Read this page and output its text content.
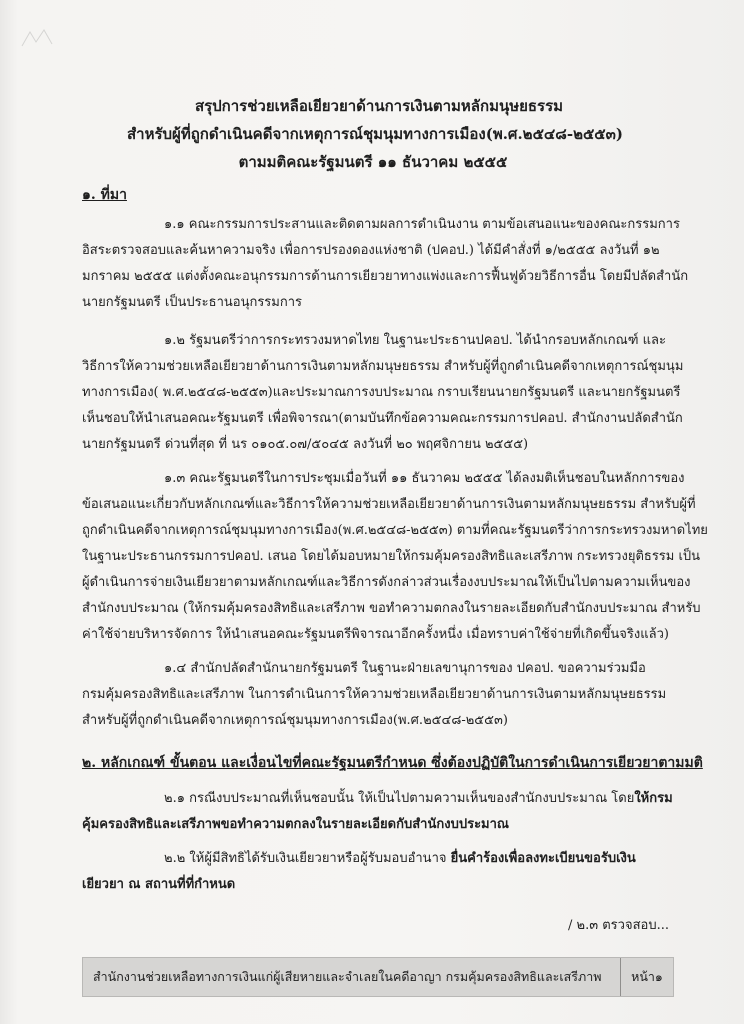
สรุปการช่วยเหลือเยียวยาด้านการเงินตามหลักมนุษยธรรม

สำหรับผู้ที่ถูกดำเนินคดีจากเหตุการณ์ชุมนุมทางการเมือง(พ.ศ.๒๕๔๘-๒๕๕๓)

ตามมติคณะรัฐมนตรี ๑๑ ธันวาคม ๒๕๕๕

๑. ที่มา
๑.๑ คณะกรรมการประสานและติดตามผลการดำเนินงาน ตามข้อเสนอแนะของคณะกรรมการ
อิสระตรวจสอบและค้นหาความจริง เพื่อการปรองดองแห่งชาติ (ปคอป.) ได้มีคำสั่งที่ ๑/๒๕๕๕ ลงวันที่ ๑๒
มกราคม ๒๕๕๕ แต่งตั้งคณะอนุกรรมการด้านการเยียวยาทางแพ่งและการฟื้นฟูด้วยวิธีการอื่น โดยมีปลัดสำนัก
นายกรัฐมนตรี เป็นประธานอนุกรรมการ
๑.๒ รัฐมนตรีว่าการกระทรวงมหาดไทย ในฐานะประธานปคอป. ได้นำกรอบหลักเกณฑ์ และ
วิธีการให้ความช่วยเหลือเยียวยาด้านการเงินตามหลักมนุษยธรรม สำหรับผู้ที่ถูกดำเนินคดีจากเหตุการณ์ชุมนุม
ทางการเมือง( พ.ศ.๒๕๔๘-๒๕๕๓)และประมาณการงบประมาณ กราบเรียนนายกรัฐมนตรี และนายกรัฐมนตรี
เห็นชอบให้นำเสนอคณะรัฐมนตรี เพื่อพิจารณา(ตามบันทึกข้อความคณะกรรมการปคอป. สำนักงานปลัดสำนัก
นายกรัฐมนตรี ด่วนที่สุด ที่ นร ๐๑๐๕.๐๗/๕๐๔๕ ลงวันที่ ๒๐ พฤศจิกายน ๒๕๕๕)
๑.๓ คณะรัฐมนตรีในการประชุมเมื่อวันที่ ๑๑ ธันวาคม ๒๕๕๕ ได้ลงมติเห็นชอบในหลักการของ
ข้อเสนอแนะเกี่ยวกับหลักเกณฑ์และวิธีการให้ความช่วยเหลือเยียวยาด้านการเงินตามหลักมนุษยธรรม สำหรับผู้ที่
ถูกดำเนินคดีจากเหตุการณ์ชุมนุมทางการเมือง(พ.ศ.๒๕๔๘-๒๕๕๓) ตามที่คณะรัฐมนตรีว่าการกระทรวงมหาดไทย
ในฐานะประธานกรรมการปคอป. เสนอ โดยได้มอบหมายให้กรมคุ้มครองสิทธิและเสรีภาพ กระทรวงยุติธรรม เป็น
ผู้ดำเนินการจ่ายเงินเยียวยาตามหลักเกณฑ์และวิธีการดังกล่าวส่วนเรื่องงบประมาณให้เป็นไปตามความเห็นของ
สำนักงบประมาณ (ให้กรมคุ้มครองสิทธิและเสรีภาพ ขอทำความตกลงในรายละเอียดกับสำนักงบประมาณ สำหรับ
ค่าใช้จ่ายบริหารจัดการ ให้นำเสนอคณะรัฐมนตรีพิจารณาอีกครั้งหนึ่ง เมื่อทราบค่าใช้จ่ายที่เกิดขึ้นจริงแล้ว)
๑.๔ สำนักปลัดสำนักนายกรัฐมนตรี ในฐานะฝ่ายเลขานุการของ ปคอป. ขอความร่วมมือ
กรมคุ้มครองสิทธิและเสรีภาพ ในการดำเนินการให้ความช่วยเหลือเยียวยาด้านการเงินตามหลักมนุษยธรรม
สำหรับผู้ที่ถูกดำเนินคดีจากเหตุการณ์ชุมนุมทางการเมือง(พ.ศ.๒๕๔๘-๒๕๕๓)
๒. หลักเกณฑ์ ขั้นตอน และเงื่อนไขที่คณะรัฐมนตรีกำหนด ซึ่งต้องปฏิบัติในการดำเนินการเยียวยาตามมติ
๒.๑ กรณีงบประมาณที่เห็นชอบนั้น ให้เป็นไปตามความเห็นของสำนักงบประมาณ โดยให้กรม
คุ้มครองสิทธิและเสรีภาพขอทำความตกลงในรายละเอียดกับสำนักงบประมาณ
๒.๒ ให้ผู้มีสิทธิได้รับเงินเยียวยาหรือผู้รับมอบอำนาจ ยื่นคำร้องเพื่อลงทะเบียนขอรับเงิน
เยียวยา ณ สถานที่ที่กำหนด
/ ๒.๓ ตรวจสอบ...
สำนักงานช่วยเหลือทางการเงินแก่ผู้เสียหายและจำเลยในคดีอาญา กรมคุ้มครองสิทธิและเสรีภาพ	หน้า๑
